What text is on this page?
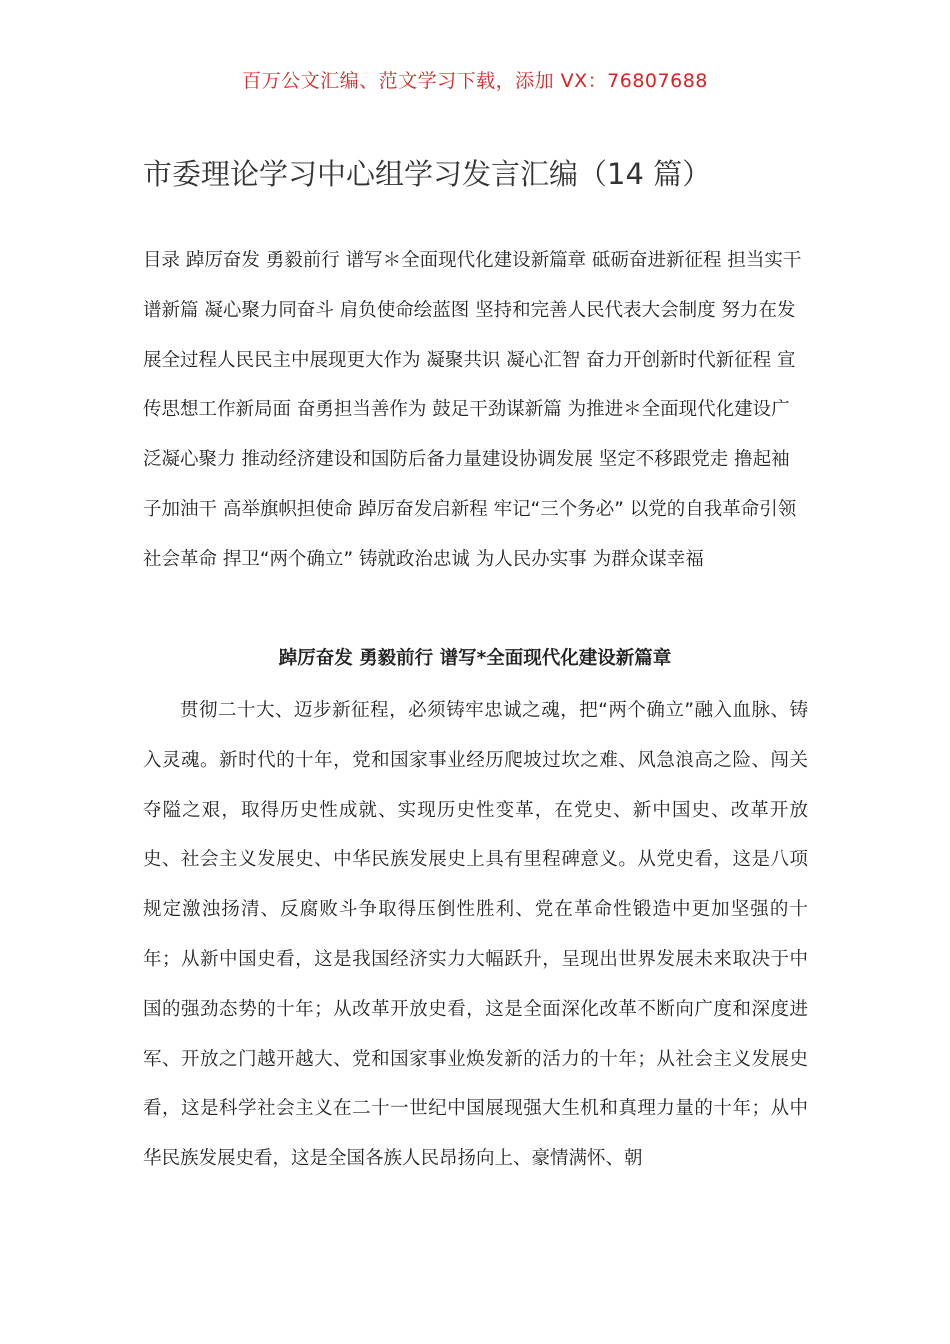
百万公文汇编、范文学习下载，添加 VX：76807688
市委理论学习中心组学习发言汇编（14 篇）

目录 踔厉奋发 勇毅前行 谱写＊全面现代化建设新篇章 砥砺奋进新征程 担当实干谱新篇 凝心聚力同奋斗 肩负使命绘蓝图 坚持和完善人民代表大会制度 努力在发展全过程人民民主中展现更大作为 凝聚共识 凝心汇智 奋力开创新时代新征程 宣传思想工作新局面 奋勇担当善作为 鼓足干劲谋新篇 为推进＊全面现代化建设广泛凝心聚力 推动经济建设和国防后备力量建设协调发展 坚定不移跟党走 撸起袖子加油干 高举旗帜担使命 踔厉奋发启新程 牢记“三个务必” 以党的自我革命引领社会革命 捍卫“两个确立” 铸就政治忠诚 为人民办实事 为群众谋幸福

踔厉奋发 勇毅前行 谱写*全面现代化建设新篇章

贯彻二十大、迈步新征程，必须铸牢忠诚之魂，把“两个确立”融入血脉、铸入灵魂。新时代的十年，党和国家事业经历爬坡过坎之难、风急浪高之险、闯关夺隘之艰，取得历史性成就、实现历史性变革，在党史、新中国史、改革开放史、社会主义发展史、中华民族发展史上具有里程碑意义。从党史看，这是八项规定激浊扬清、反腐败斗争取得压倒性胜利、党在革命性锻造中更加坚强的十年；从新中国史看，这是我国经济实力大幅跃升，呈现出世界发展未来取决于中国的强劲态势的十年；从改革开放史看，这是全面深化改革不断向广度和深度进军、开放之门越开越大、党和国家事业焕发新的活力的十年；从社会主义发展史看，这是科学社会主义在二十一世纪中国展现强大生机和真理力量的十年；从中华民族发展史看，这是全国各族人民昂扬向上、豪情满怀、朝
